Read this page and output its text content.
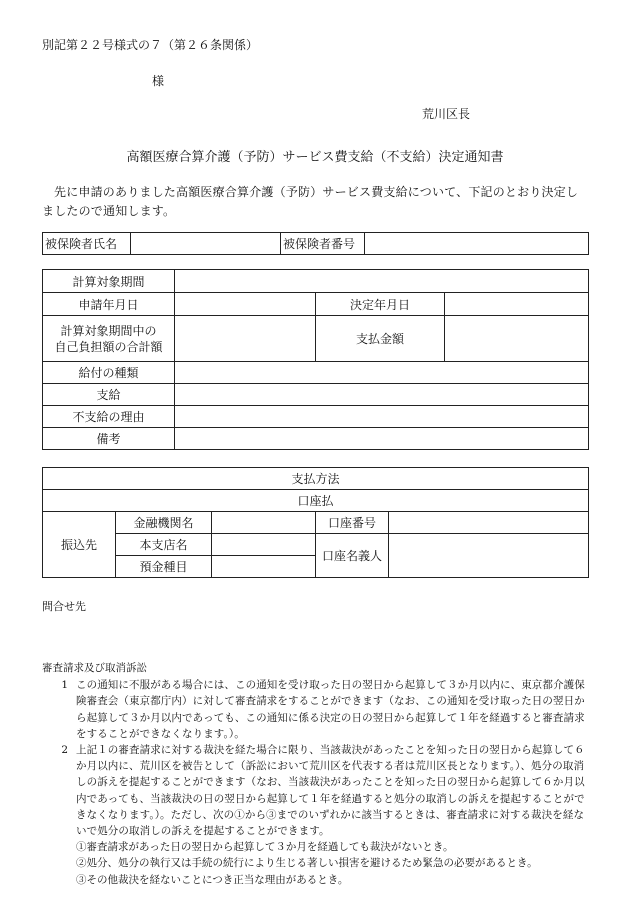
別記第２２号様式の７（第２６条関係）
様
荒川区長
高額医療合算介護（予防）サービス費支給（不支給）決定通知書
先に申請のありました高額医療合算介護（予防）サービス費支給について、下記のとおり決定しましたので通知します。
被保険者氏名		被保険者番号	
計算対象期間			
申請年月日		決定年月日	

計算対象期間中の
自己負担額の合計額		支払金額	
給付の種類			
支給			
不支給の理由			
備考			
支払方法				
口座払				
振込先	金融機関名		口座番号	
	本支店名		口座名義人	
	預金種目			
問合せ先
審査請求及び取消訴訟
1 この通知に不服がある場合には、この通知を受け取った日の翌日から起算して３か月以内に、東京都介護保険審査会（東京都庁内）に対して審査請求をすることができます（なお、この通知を受け取った日の翌日から起算して３か月以内であっても、この通知に係る決定の日の翌日から起算して１年を経過すると審査請求をすることができなくなります。）。
2 上記１の審査請求に対する裁決を経た場合に限り、当該裁決があったことを知った日の翌日から起算して６か月以内に、荒川区を被告として（訴訟において荒川区を代表する者は荒川区長となります。）、処分の取消しの訴えを提起することができます（なお、当該裁決があったことを知った日の翌日から起算して６か月以内であっても、当該裁決の日の翌日から起算して１年を経過すると処分の取消しの訴えを提起することができなくなります。）。ただし、次の①から③までのいずれかに該当するときは、審査請求に対する裁決を経ないで処分の取消しの訴えを提起することができます。
①審査請求があった日の翌日から起算して３か月を経過しても裁決がないとき。
②処分、処分の執行又は手続の続行により生じる著しい損害を避けるため緊急の必要があるとき。
③その他裁決を経ないことにつき正当な理由があるとき。
